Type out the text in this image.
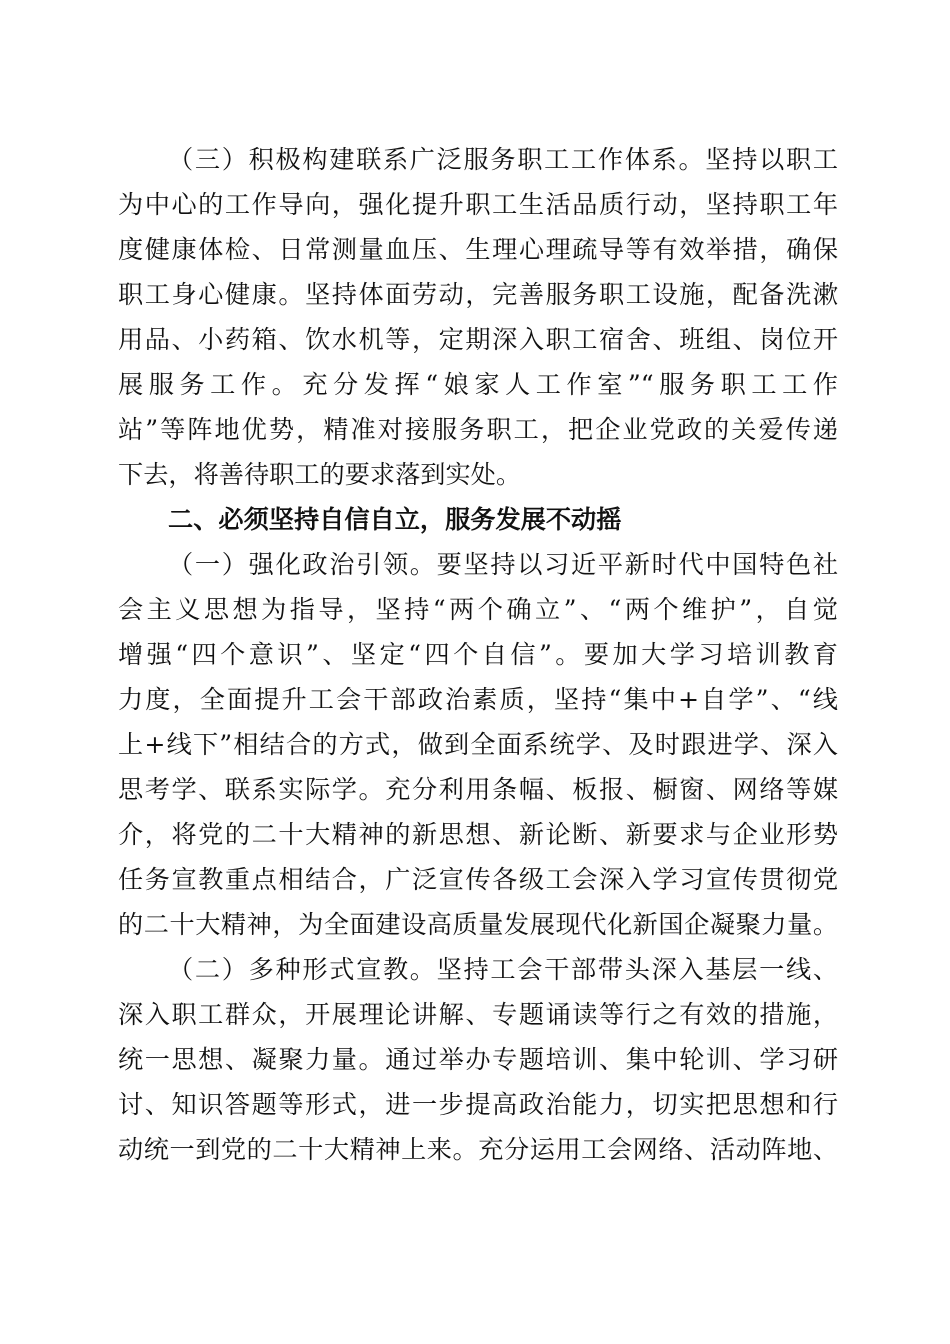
（三）积极构建联系广泛服务职工工作体系。坚持以职工
为中心的工作导向，强化提升职工生活品质行动，坚持职工年
度健康体检、日常测量血压、生理心理疏导等有效举措，确保
职工身心健康。坚持体面劳动，完善服务职工设施，配备洗漱
用品、小药箱、饮水机等，定期深入职工宿舍、班组、岗位开
展服务工作。充分发挥“娘家人工作室”“服务职工工作
站”等阵地优势，精准对接服务职工，把企业党政的关爱传递
下去，将善待职工的要求落到实处。
二、必须坚持自信自立，服务发展不动摇
（一）强化政治引领。要坚持以习近平新时代中国特色社
会主义思想为指导，坚持“两个确立”、“两个维护”，自觉
增强“四个意识”、坚定“四个自信”。要加大学习培训教育
力度，全面提升工会干部政治素质，坚持“集中+自学”、“线
上+线下”相结合的方式，做到全面系统学、及时跟进学、深入
思考学、联系实际学。充分利用条幅、板报、橱窗、网络等媒
介，将党的二十大精神的新思想、新论断、新要求与企业形势
任务宣教重点相结合，广泛宣传各级工会深入学习宣传贯彻党
的二十大精神，为全面建设高质量发展现代化新国企凝聚力量。
（二）多种形式宣教。坚持工会干部带头深入基层一线、
深入职工群众，开展理论讲解、专题诵读等行之有效的措施，
统一思想、凝聚力量。通过举办专题培训、集中轮训、学习研
讨、知识答题等形式，进一步提高政治能力，切实把思想和行
动统一到党的二十大精神上来。充分运用工会网络、活动阵地、
